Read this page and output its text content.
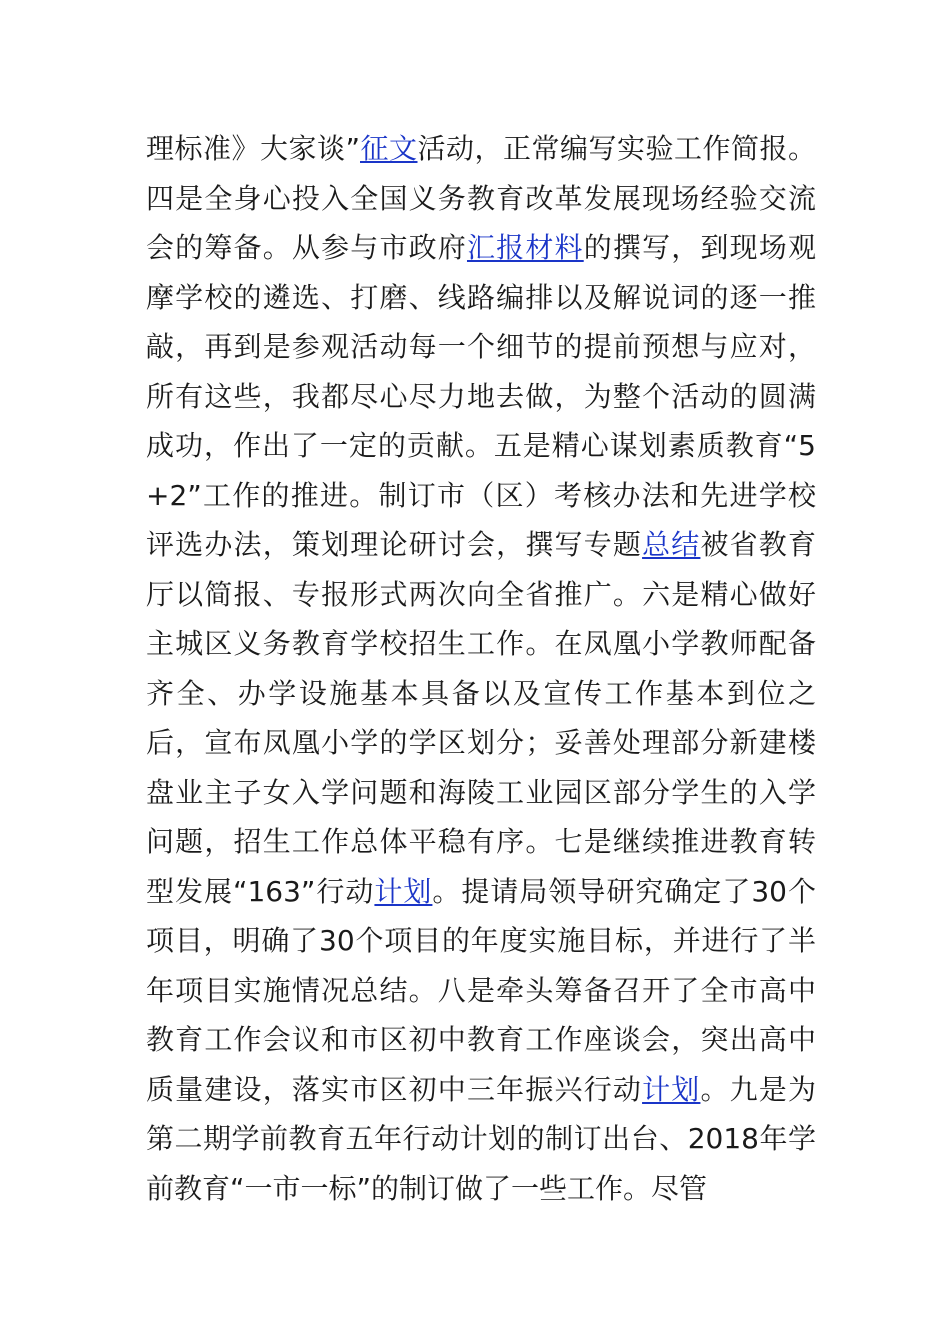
理标准》大家谈”征文活动，正常编写实验工作简报。四是全身心投入全国义务教育改革发展现场经验交流会的筹备。从参与市政府汇报材料的撰写，到现场观摩学校的遴选、打磨、线路编排以及解说词的逐一推敲，再到是参观活动每一个细节的提前预想与应对，所有这些，我都尽心尽力地去做，为整个活动的圆满成功，作出了一定的贡献。五是精心谋划素质教育“5+2”工作的推进。制订市（区）考核办法和先进学校评选办法，策划理论研讨会，撰写专题总结被省教育厅以简报、专报形式两次向全省推广。六是精心做好主城区义务教育学校招生工作。在凤凰小学教师配备齐全、办学设施基本具备以及宣传工作基本到位之后，宣布凤凰小学的学区划分；妥善处理部分新建楼盘业主子女入学问题和海陵工业园区部分学生的入学问题，招生工作总体平稳有序。七是继续推进教育转型发展“163”行动计划。提请局领导研究确定了30个项目，明确了30个项目的年度实施目标，并进行了半年项目实施情况总结。八是牵头筹备召开了全市高中教育工作会议和市区初中教育工作座谈会，突出高中质量建设，落实市区初中三年振兴行动计划。九是为第二期学前教育五年行动计划的制订出台、2018年学前教育“一市一标”的制订做了一些工作。尽管
